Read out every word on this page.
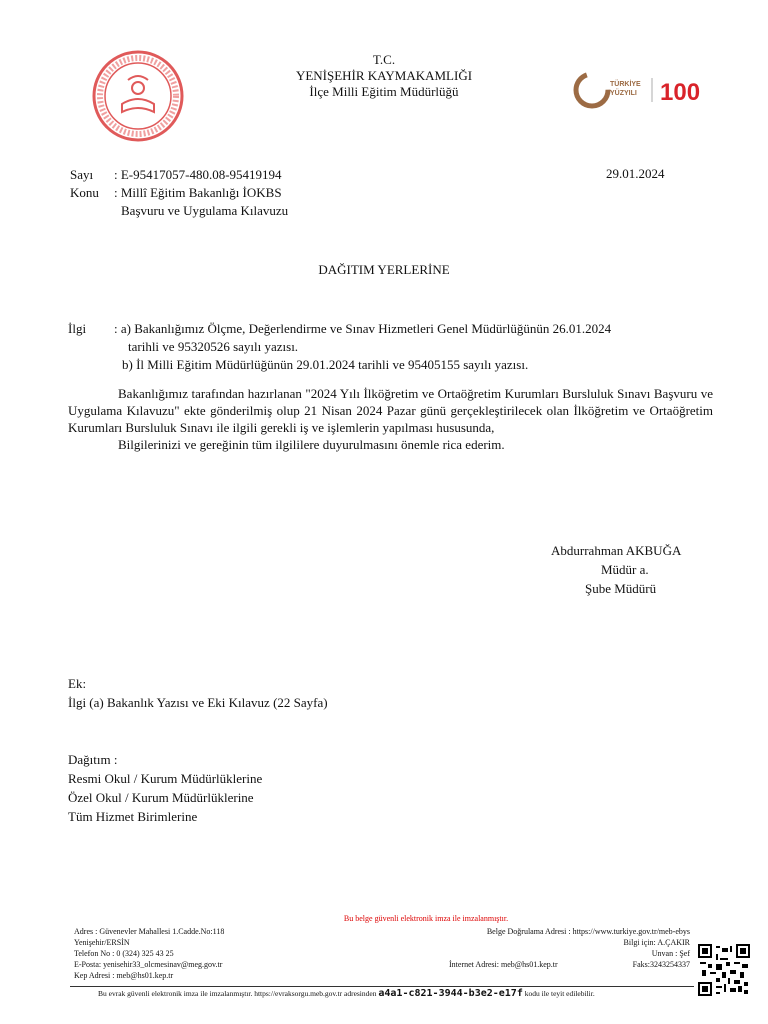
T.C.
YENİŞEHİR KAYMAKAMLIĞI
İlçe Milli Eğitim Müdürlüğü	TÜRKİYE
YÜZYILI 100
Sayı	: E-95417057-480.08-95419194
Konu	: Millî Eğitim Bakanlığı İOKBS
Başvuru ve Uygulama Kılavuzu
29.01.2024
DAĞITIM YERLERİNE
İlgi	: a) Bakanlığımız Ölçme, Değerlendirme ve Sınav Hizmetleri Genel Müdürlüğünün 26.01.2024
tarihli ve 95320526 sayılı yazısı.
b) İl Milli Eğitim Müdürlüğünün 29.01.2024 tarihli ve 95405155 sayılı yazısı.

Bakanlığımız tarafından hazırlanan "2024 Yılı İlköğretim ve Ortaöğretim Kurumları Bursluluk Sınavı Başvuru ve Uygulama Kılavuzu" ekte gönderilmiş olup 21 Nisan 2024 Pazar günü gerçekleştirilecek olan İlköğretim ve Ortaöğretim Kurumları Bursluluk Sınavı ile ilgili gerekli iş ve işlemlerin yapılması hususunda,

Bilgilerinizi ve gereğinin tüm ilgililere duyurulmasını önemle rica ederim.

Abdurrahman AKBUĞA
Müdür a.
Şube Müdürü
Ek:
İlgi (a) Bakanlık Yazısı ve Eki Kılavuz (22 Sayfa)
Dağıtım :
Resmi Okul / Kurum Müdürlüklerine
Özel Okul / Kurum Müdürlüklerine
Tüm Hizmet Birimlerine
Bu belge güvenli elektronik imza ile imzalanmıştır.
Adres : Güvenevler Mahallesi 1.Cadde.No:118
Yenişehir/ERSİN
Telefon No : 0 (324) 325 43 25
E-Posta: yenisehir33_olcmesinav@meg.gov.tr
Kep Adresi : meb@hs01.kep.tr
Belge Doğrulama Adresi : https://www.turkiye.gov.tr/meb-ebys
Bilgi için: A.ÇAKIR
Unvan : Şef
İnternet Adresi: meb@hs01.kep.tr	Faks:3243254337
Bu evrak güvenli elektronik imza ile imzalanmıştır. https://evraksorgu.meb.gov.tr adresinden a4a1-c821-3944-b3e2-e17f kodu ile teyit edilebilir.
